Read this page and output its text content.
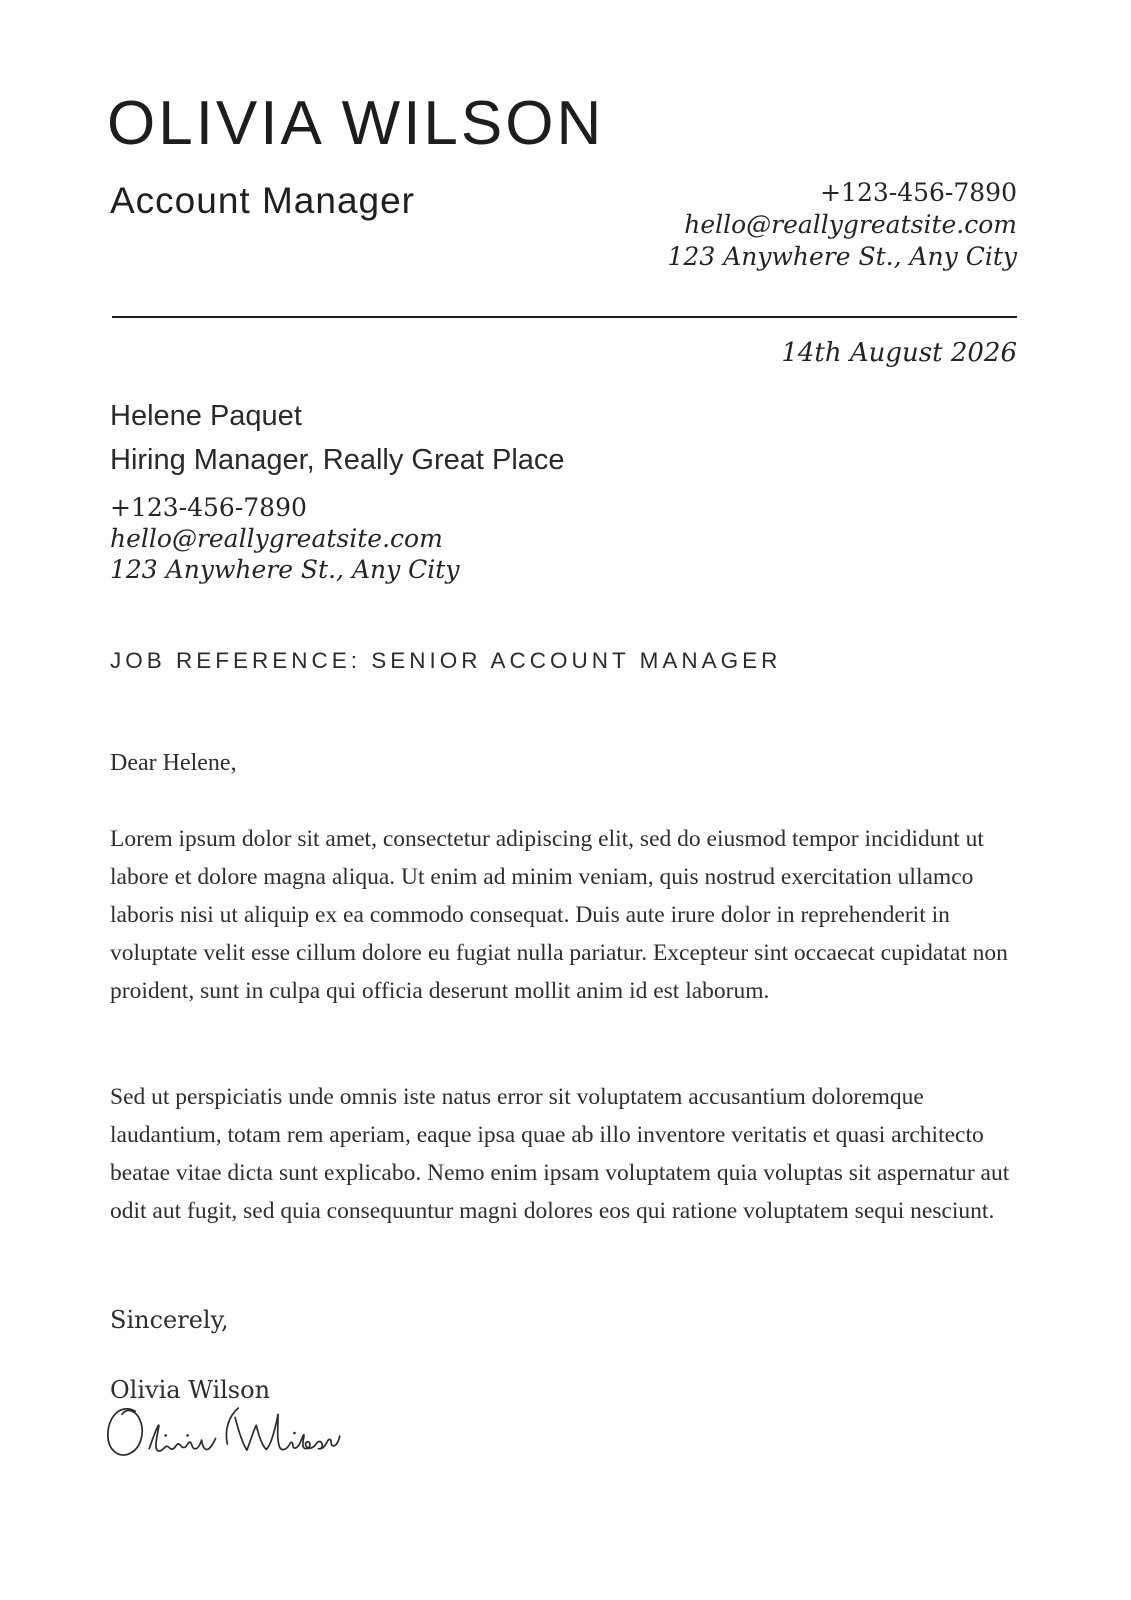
OLIVIA WILSON
Account Manager	+123-456-7890
hello@reallygreatsite.com
123 Anywhere St., Any City
14th August 2026
Helene Paquet
Hiring Manager, Really Great Place
+123-456-7890
hello@reallygreatsite.com
123 Anywhere St., Any City
JOB REFERENCE: SENIOR ACCOUNT MANAGER
Dear Helene,
Lorem ipsum dolor sit amet, consectetur adipiscing elit, sed do eiusmod tempor incididunt ut labore et dolore magna aliqua. Ut enim ad minim veniam, quis nostrud exercitation ullamco laboris nisi ut aliquip ex ea commodo consequat. Duis aute irure dolor in reprehenderit in voluptate velit esse cillum dolore eu fugiat nulla pariatur. Excepteur sint occaecat cupidatat non proident, sunt in culpa qui officia deserunt mollit anim id est laborum.
Sed ut perspiciatis unde omnis iste natus error sit voluptatem accusantium doloremque laudantium, totam rem aperiam, eaque ipsa quae ab illo inventore veritatis et quasi architecto beatae vitae dicta sunt explicabo. Nemo enim ipsam voluptatem quia voluptas sit aspernatur aut odit aut fugit, sed quia consequuntur magni dolores eos qui ratione voluptatem sequi nesciunt.
Sincerely,
Olivia Wilson
